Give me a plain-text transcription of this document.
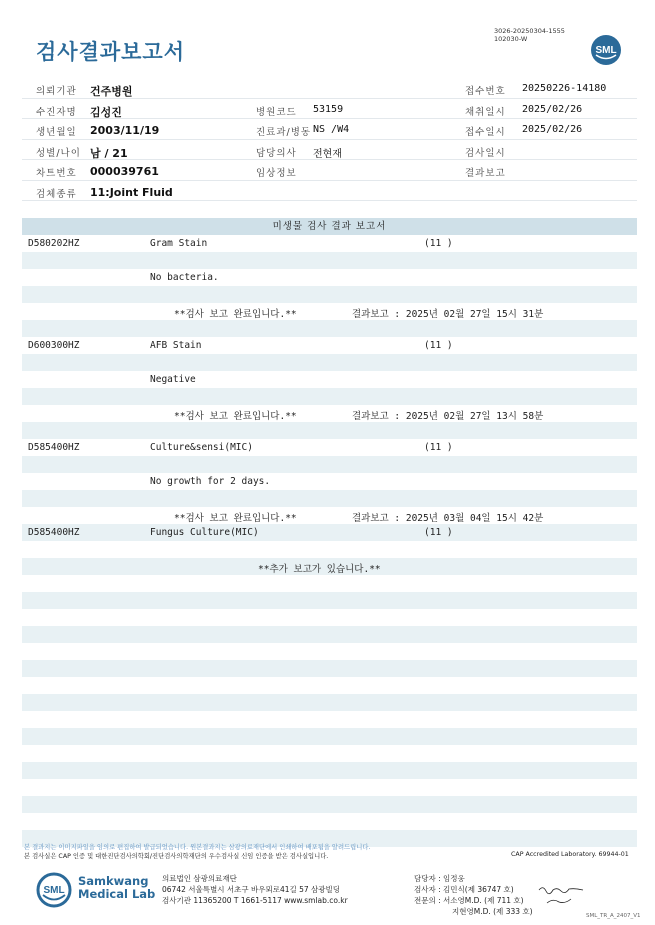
검사결과보고서
3026-20250304-1555
102030-W
SML
의뢰기관 건주병원	접수번호 20250226-14180
수진자명 김성진	병원코드 53159	채취일시 2025/02/26
생년월일 2003/11/19	진료과/병동 NS /W4	접수일시 2025/02/26
성별/나이 남 / 21	담당의사 전현재	검사일시
차트번호 000039761	임상정보	결과보고
검체종류 11:Joint Fluid
미생물 검사 결과 보고서
D580202HZ	Gram Stain	(11 )
No bacteria.
**검사 보고 완료입니다.**	결과보고 : 2025년 02월 27일 15시 31분
D600300HZ	AFB Stain	(11 )
Negative
**검사 보고 완료입니다.**	결과보고 : 2025년 02월 27일 13시 58분
D585400HZ	Culture&sensi(MIC)	(11 )
No growth for 2 days.
**검사 보고 완료입니다.**	결과보고 : 2025년 03월 04일 15시 42분
D585400HZ	Fungus Culture(MIC)	(11 )
**추가 보고가 있습니다.**
본 결과지는 이미지파일을 임의로 편집하여 발급되었습니다. 원본결과지는 삼광의료재단에서 인쇄하여 배포됨을 알려드립니다.
본 검사실은 CAP 인증 및 대한진단검사의학회/진단검사의학재단의 우수검사실 신임 인증을 받은 검사실입니다.	CAP Accredited Laboratory. 69944-01
SML
Samkwang
Medical Lab
의료법인 삼광의료재단
06742 서울특별시 서초구 바우뫼로41길 57 삼광빌딩
검사기관 11365200 T 1661-5117 www.smlab.co.kr
담당자 : 임정웅
검사자 : 김민식(제 36747 호)
전문의 : 서소영M.D. (제 711 호)
지현영M.D. (제 333 호)	SML_TR_A_2407_V1
